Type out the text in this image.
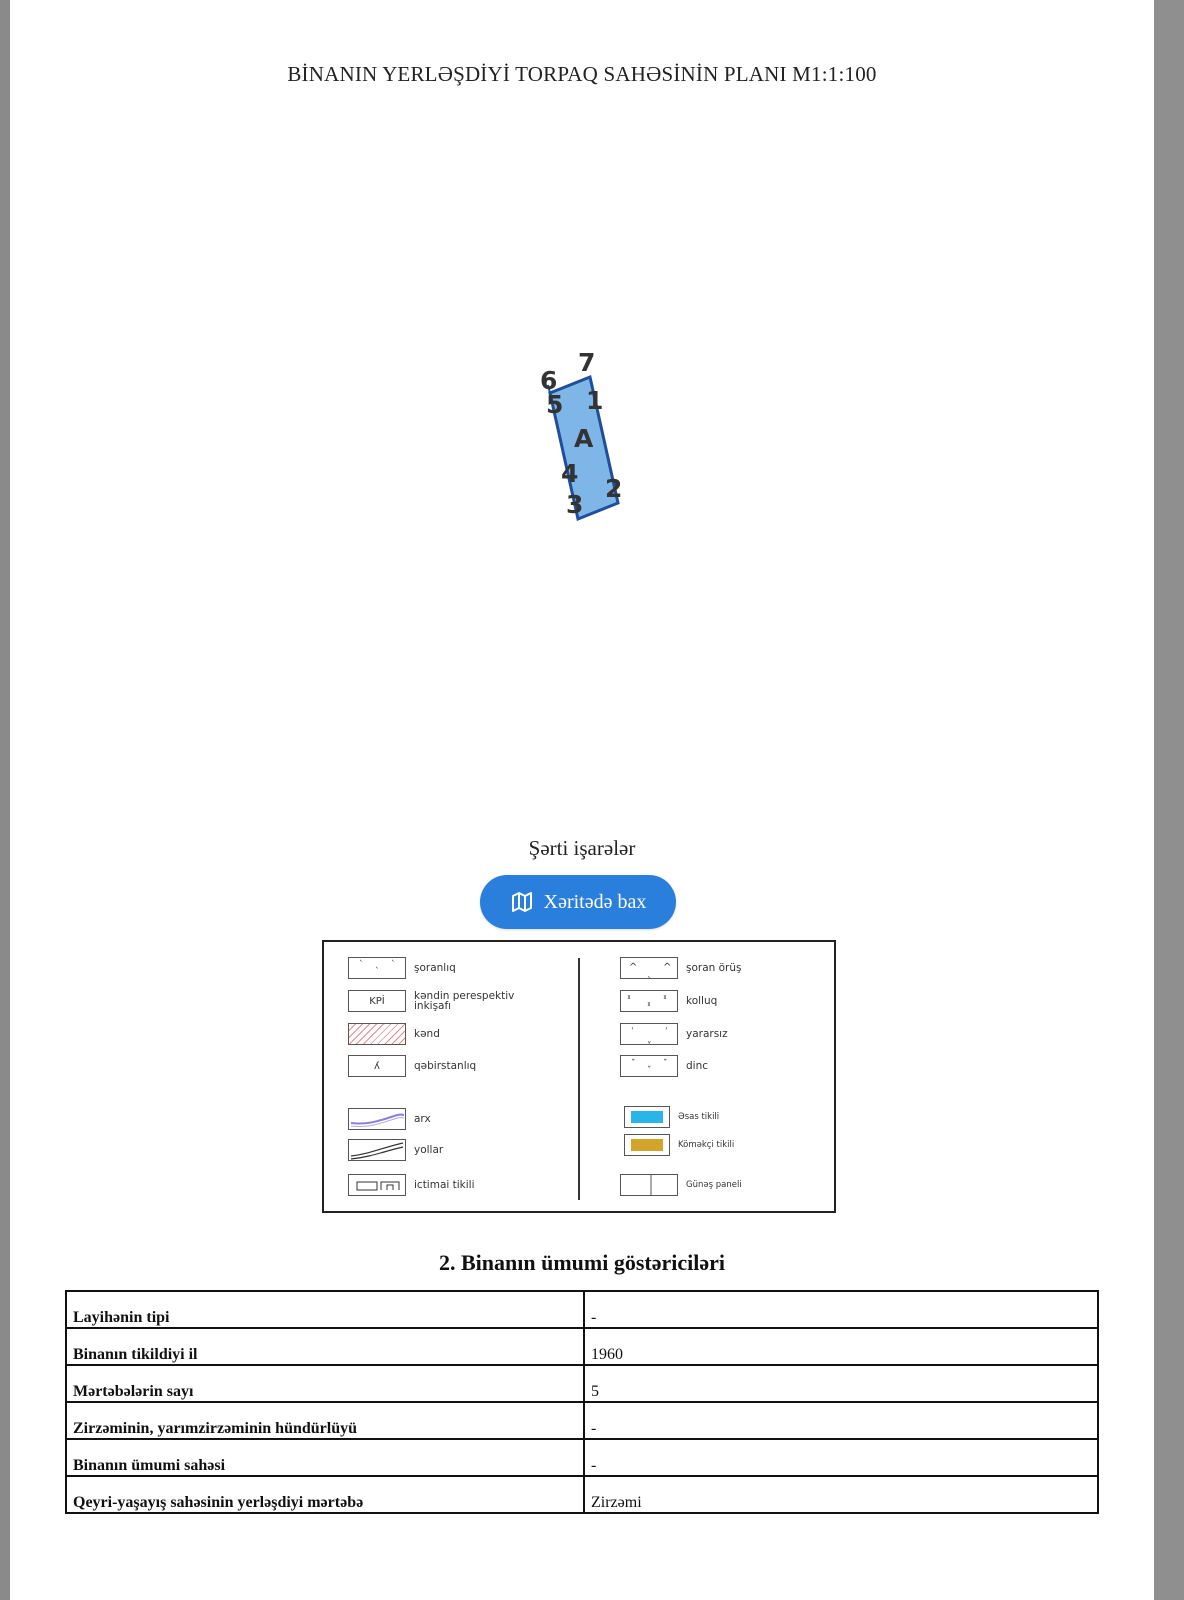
BİNANIN YERLƏŞDİYİ TORPAQ SAHƏSİNİN PLANI M1:1:100
A
1
2
3
4
5
6
7
Şərti işarələr
Xəritədə bax
ˋ
ˋ
ˋ şoranlıq
KPİ	kəndin perespektiv inkişafı
kənd
ʎ	qəbirstanlıq
arx
yollar
ictimai tikili
^
ˎ
^ şoran örüş
ˠ
ˠ
ˠ kolluq
ˈ
ˬ
ˈ yararsız
ˇ
ˇ
ˇ dinc
Əsas tikili
Köməkçi tikili
Günəş paneli
2. Binanın ümumi göstəriciləri
Layihənin tipi	-
Binanın tikildiyi il	1960
Mərtəbələrin sayı	5
Zirzəminin, yarımzirzəminin hündürlüyü	-
Binanın ümumi sahəsi	-
Qeyri-yaşayış sahəsinin yerləşdiyi mərtəbə	Zirzəmi
